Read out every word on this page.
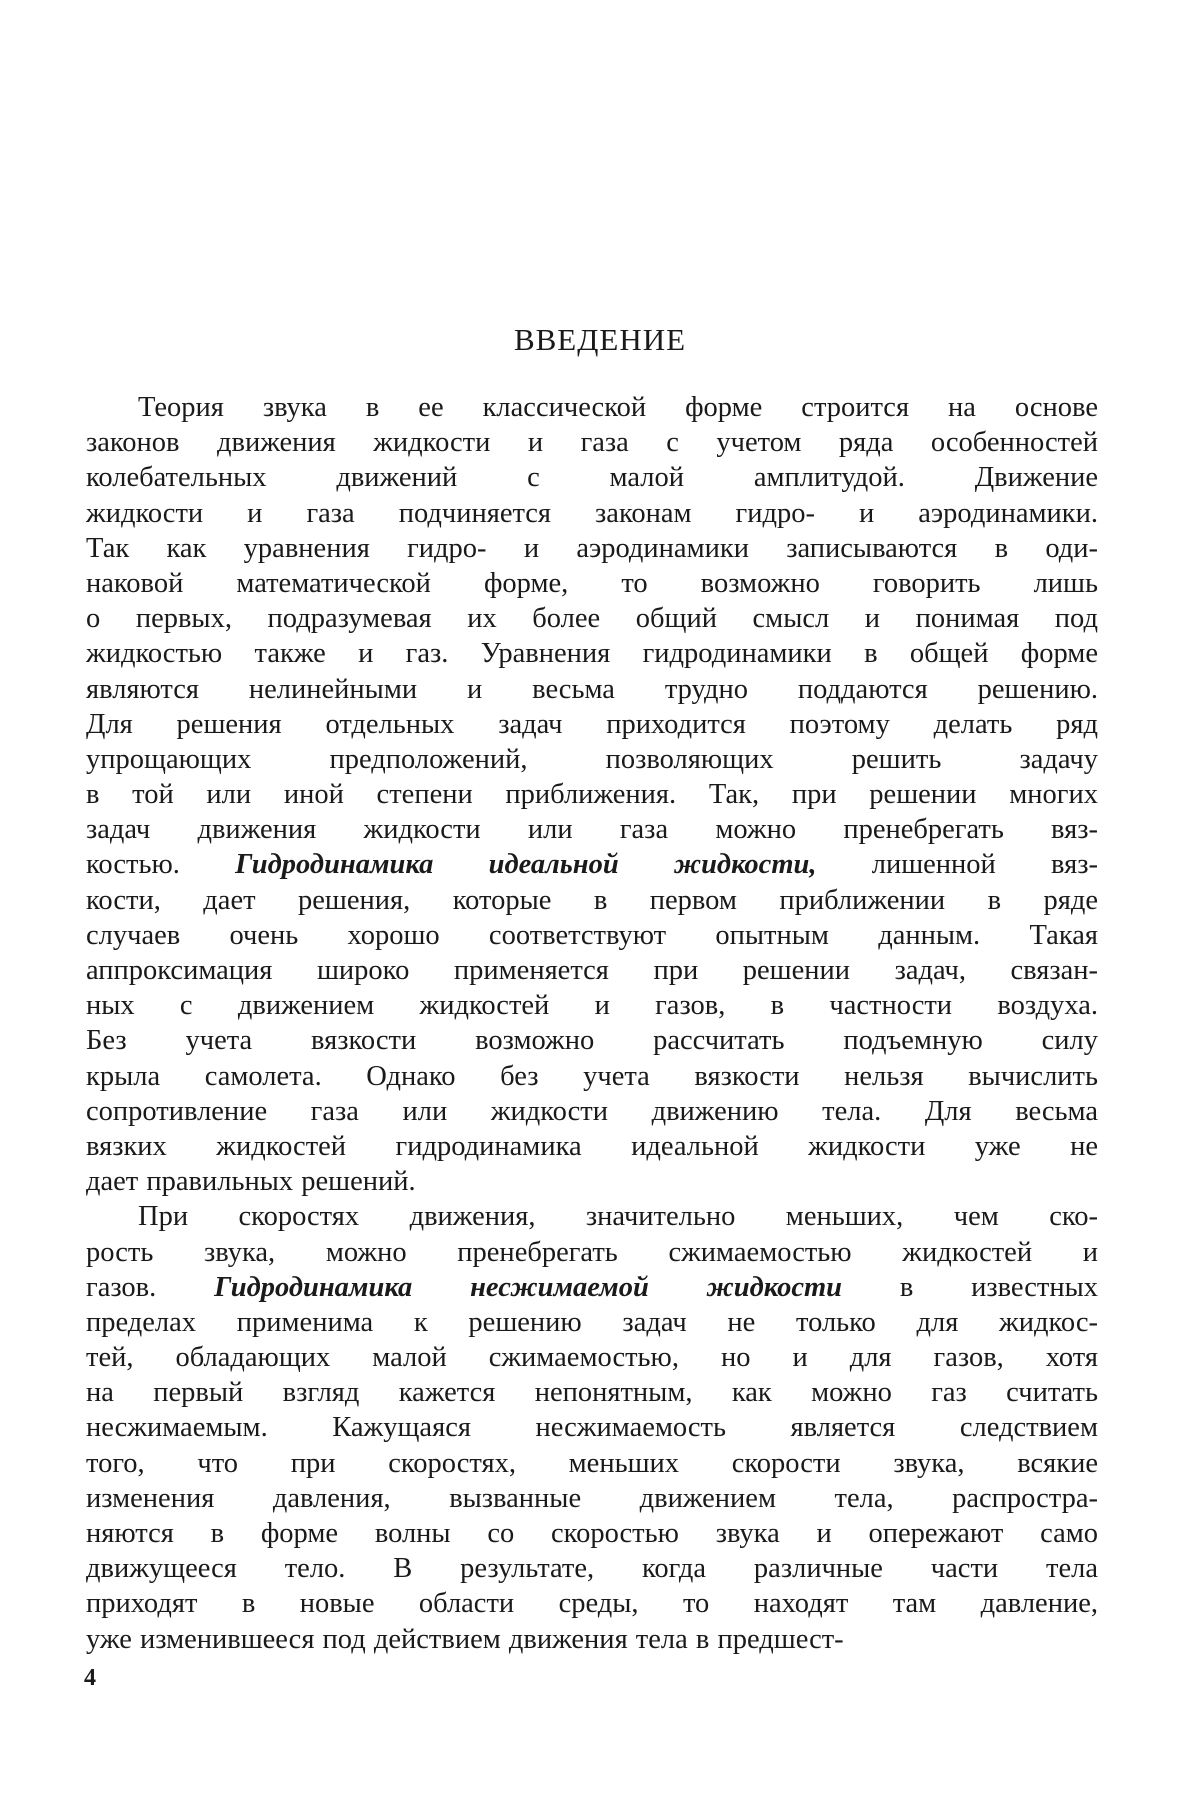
ВВЕДЕНИЕ

Теория звука в ее классической форме строится на основе
законов движения жидкости и газа с учетом ряда особенностей
колебательных движений с малой амплитудой. Движение
жидкости и газа подчиняется законам гидро- и аэродинамики.
Так как уравнения гидро- и аэродинамики записываются в оди-
наковой математической форме, то возможно говорить лишь
о первых, подразумевая их более общий смысл и понимая под
жидкостью также и газ. Уравнения гидродинамики в общей форме
являются нелинейными и весьма трудно поддаются решению.
Для решения отдельных задач приходится поэтому делать ряд
упрощающих предположений, позволяющих решить задачу
в той или иной степени приближения. Так, при решении многих
задач движения жидкости или газа можно пренебрегать вяз-
костью. Гидродинамика идеальной жидкости, лишенной вяз-
кости, дает решения, которые в первом приближении в ряде
случаев очень хорошо соответствуют опытным данным. Такая
аппроксимация широко применяется при решении задач, связан-
ных с движением жидкостей и газов, в частности воздуха.
Без учета вязкости возможно рассчитать подъемную силу
крыла самолета. Однако без учета вязкости нельзя вычислить
сопротивление газа или жидкости движению тела. Для весьма
вязких жидкостей гидродинамика идеальной жидкости уже не
дает правильных решений.

При скоростях движения, значительно меньших, чем ско-
рость звука, можно пренебрегать сжимаемостью жидкостей и
газов. Гидродинамика несжимаемой жидкости в известных
пределах применима к решению задач не только для жидкос-
тей, обладающих малой сжимаемостью, но и для газов, хотя
на первый взгляд кажется непонятным, как можно газ считать
несжимаемым. Кажущаяся несжимаемость является следствием
того, что при скоростях, меньших скорости звука, всякие
изменения давления, вызванные движением тела, распростра-
няются в форме волны со скоростью звука и опережают само
движущееся тело. В результате, когда различные части тела
приходят в новые области среды, то находят там давление,
уже изменившееся под действием движения тела в предшест-

4
